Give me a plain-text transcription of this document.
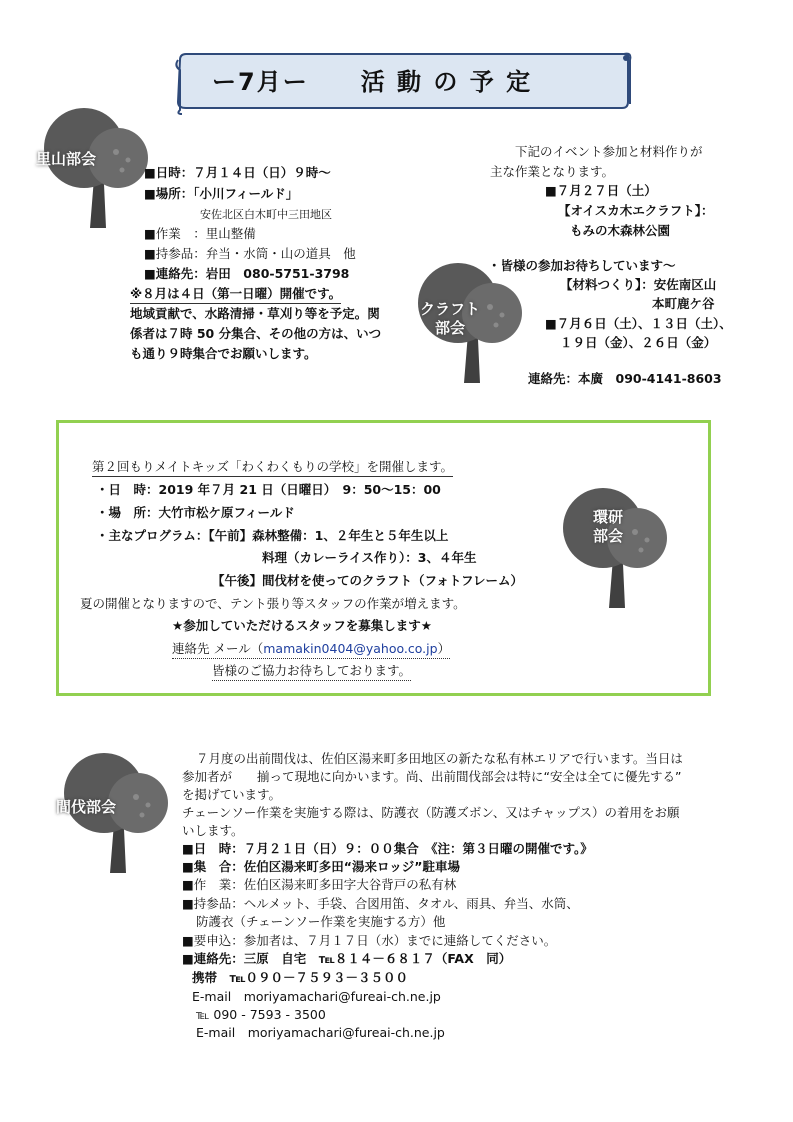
ー7月ー 活 動 の 予 定
里山部会
■日時：７月１４日（日）９時～
■場所：「小川フィールド」
安佐北区白木町中三田地区
■作業　：里山整備
■持参品：弁当・水筒・山の道具　他
■連絡先：岩田　080-5751-3798
※８月は４日（第一日曜）開催です。
地域貢献で、水路清掃・草刈り等を予定。関
係者は７時 50 分集合、その他の方は、いつ
も通り９時集合でお願いします。
下記のイベント参加と材料作りが
主な作業となります。
■７月２７日（土）
【オイスカ木エクラフト】：
もみの木森林公園
・皆様の参加お待ちしています～
【材料つくり】：安佐南区山
本町鹿ケ谷
■７月６日（土）、１３日（土）、
１９日（金）、２６日（金）
連絡先：本廣　090-4141-8603
クラフト
部会
第２回もりメイトキッズ「わくわくもりの学校」を開催します。
・日　時：2019 年７月 21 日（日曜日）　9：50～15：00
・場　所：大竹市松ケ原フィールド
・主なプログラム：【午前】森林整備：1、２年生と５年生以上
料理（カレーライス作り）：3、４年生
【午後】間伐材を使ってのクラフト（フォトフレーム）
夏の開催となりますので、テント張り等スタッフの作業が増えます。
★参加していただけるスタッフを募集します★
連絡先 メール（mamakin0404@yahoo.co.jp）
皆様のご協力お待ちしております。
環研
部会
間伐部会
７月度の出前間伐は、佐伯区湯来町多田地区の新たな私有林エリアで行います。当日は
参加者が　　揃って現地に向かいます。尚、出前間伐部会は特に“安全は全てに優先する”
を掲げています。
チェーンソー作業を実施する際は、防護衣（防護ズボン、又はチャップス）の着用をお願
いします。
■日　時：７月２１日（日）９：００集合　《注：第３日曜の開催です。》
■集　合：佐伯区湯来町多田“湯来ロッジ”駐車場
■作　業：佐伯区湯来町多田字大谷背戸の私有林
■持参品：ヘルメット、手袋、合図用笛、タオル、雨具、弁当、水筒、
防護衣（チェーンソー作業を実施する方）他
■要申込：参加者は、７月１７日（水）までに連絡してください。
■連絡先：三原　自宅　℡８１４－６８１７（FAX　同）
携帯　℡０９０－７５９３－３５００
E-mail　moriyamachari@fureai-ch.ne.jp
℡ 090 - 7593 - 3500
E-mail　moriyamachari@fureai-ch.ne.jp
